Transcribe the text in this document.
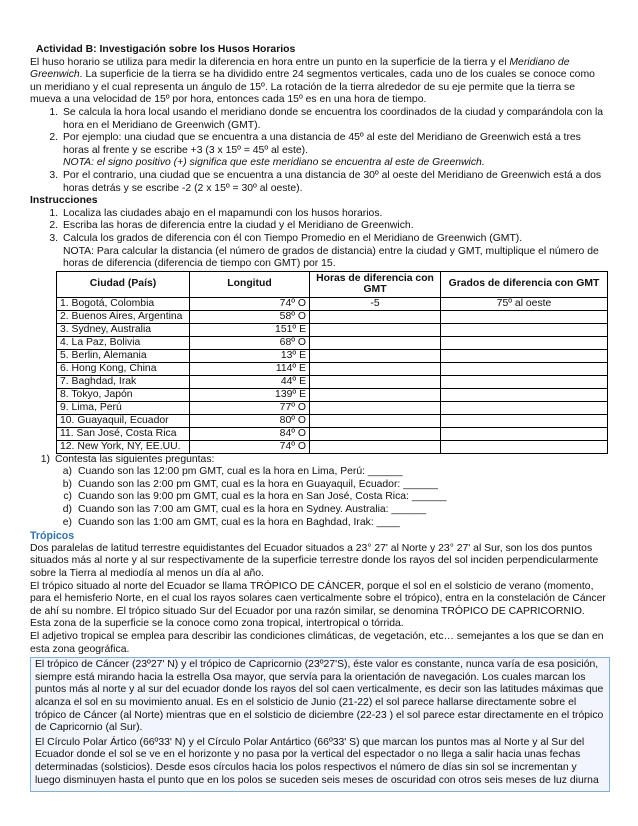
Actividad B: Investigación sobre los Husos Horarios

El huso horario se utiliza para medir la diferencia en hora entre un punto en la superficie de la tierra y el Meridiano de Greenwich. La superficie de la tierra se ha dividido entre 24 segmentos verticales, cada uno de los cuales se conoce como un meridiano y el cual representa un ángulo de 15º. La rotación de la tierra alrededor de su eje permite que la tierra se mueva a una velocidad de 15º por hora, entonces cada 15º es en una hora de tiempo.

1. Se calcula la hora local usando el meridiano donde se encuentra los coordinados de la ciudad y comparándola con la hora en el Meridiano de Greenwich (GMT).
2. Por ejemplo: una ciudad que se encuentra a una distancia de 45º al este del Meridiano de Greenwich está a tres horas al frente y se escribe +3 (3 x 15º = 45º al este).
NOTA: el signo positivo (+) significa que este meridiano se encuentra al este de Greenwich.
3. Por el contrario, una ciudad que se encuentra a una distancia de 30º al oeste del Meridiano de Greenwich está a dos horas detrás y se escribe -2 (2 x 15º = 30º al oeste).

Instrucciones

1. Localiza las ciudades abajo en el mapamundi con los husos horarios.
2. Escriba las horas de diferencia entre la ciudad y el Meridiano de Greenwich.
3. Calcula los grados de diferencia con él con Tiempo Promedio en el Meridiano de Greenwich (GMT).
NOTA: Para calcular la distancia (el número de grados de distancia) entre la ciudad y GMT, multiplique el número de horas de diferencia (diferencia de tiempo con GMT) por 15.
Ciudad (País)	Longitud	Horas de diferencia con GMT	Grados de diferencia con GMT
1. Bogotá, Colombia	74º O	-5	75º al oeste
2. Buenos Aires, Argentina	58º O		
3. Sydney, Australia	151º E		
4. La Paz, Bolivia	68º O		
5. Berlin, Alemania	13º E		
6. Hong Kong, China	114º E		
7. Baghdad, Irak	44º E		
8. Tokyo, Japón	139º E		
9. Lima, Perú	77º O		
10. Guayaquil, Ecuador	80º O		
11. San José, Costa Rica	84º O		
12. New York, NY, EE.UU.	74º O		
1) Contesta las siguientes preguntas:
a) Cuando son las 12:00 pm GMT, cual es la hora en Lima, Perú: ______
b) Cuando son las 2:00 pm GMT, cual es la hora en Guayaquil, Ecuador: ______
c) Cuando son las 9:00 pm GMT, cual es la hora en San José, Costa Rica: ______
d) Cuando son las 7:00 am GMT, cual es la hora en Sydney. Australia: ______
e) Cuando son las 1:00 am GMT, cual es la hora en Baghdad, Irak: ____

Trópicos

Dos paralelas de latitud terrestre equidistantes del Ecuador situados a 23° 27' al Norte y 23° 27' al Sur, son los dos puntos situados más al norte y al sur respectivamente de la superficie terrestre donde los rayos del sol inciden perpendicularmente sobre la Tierra al mediodía al menos un día al año.

El trópico situado al norte del Ecuador se llama TRÓPICO DE CÁNCER, porque el sol en el solsticio de verano (momento, para el hemisferio Norte, en el cual los rayos solares caen verticalmente sobre el trópico), entra en la constelación de Cáncer de ahí su nombre. El trópico situado Sur del Ecuador por una razón similar, se denomina TRÓPICO DE CAPRICORNIO.

Esta zona de la superficie se la conoce como zona tropical, intertropical o tórrida.

El adjetivo tropical se emplea para describir las condiciones climáticas, de vegetación, etc… semejantes a los que se dan en esta zona geográfica.

El trópico de Cáncer (23º27' N) y el trópico de Capricornio (23º27'S), éste valor es constante, nunca varía de esa posición, siempre está mirando hacia la estrella Osa mayor, que servía para la orientación de navegación. Los cuales marcan los puntos más al norte y al sur del ecuador donde los rayos del sol caen verticalmente, es decir son las latitudes máximas que alcanza el sol en su movimiento anual. Es en el solsticio de Junio (21-22) el sol parece hallarse directamente sobre el trópico de Cáncer (al Norte) mientras que en el solsticio de diciembre (22-23 ) el sol parece estar directamente en el trópico de Capricornio (al Sur).

El Círculo Polar Ártico (66º33' N) y el Círculo Polar Antártico (66º33' S) que marcan los puntos mas al Norte y al Sur del Ecuador donde el sol se ve en el horizonte y no pasa por la vertical del espectador o no llega a salir hacia unas fechas determinadas (solsticios). Desde esos círculos hacia los polos respectivos el número de días sin sol se incrementan y luego disminuyen hasta el punto que en los polos se suceden seis meses de oscuridad con otros seis meses de luz diurna
